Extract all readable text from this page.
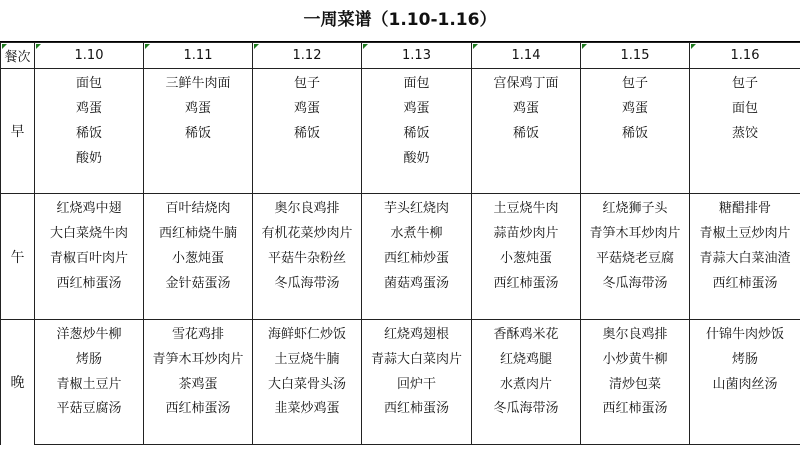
一周菜谱（1.10-1.16）
餐次	1.10	1.11	1.12	1.13	1.14	1.15	1.16
早	面包	三鲜牛肉面	包子	面包	宫保鸡丁面	包子	包子
	鸡蛋	鸡蛋	鸡蛋	鸡蛋	鸡蛋	鸡蛋	面包
	稀饭	稀饭	稀饭	稀饭	稀饭	稀饭	蒸饺
	酸奶			酸奶			

午	红烧鸡中翅	百叶结烧肉	奥尔良鸡排	芋头红烧肉	土豆烧牛肉	红烧狮子头	糖醋排骨
	大白菜烧牛肉	西红柿烧牛腩	有机花菜炒肉片	水煮牛柳	蒜苗炒肉片	青笋木耳炒肉片	青椒土豆炒肉片
	青椒百叶肉片	小葱炖蛋	平菇牛杂粉丝	西红柿炒蛋	小葱炖蛋	平菇烧老豆腐	青蒜大白菜油渣
	西红柿蛋汤	金针菇蛋汤	冬瓜海带汤	菌菇鸡蛋汤	西红柿蛋汤	冬瓜海带汤	西红柿蛋汤

晚	洋葱炒牛柳	雪花鸡排	海鲜虾仁炒饭	红烧鸡翅根	香酥鸡米花	奥尔良鸡排	什锦牛肉炒饭
	烤肠	青笋木耳炒肉片	土豆烧牛腩	青蒜大白菜肉片	红烧鸡腿	小炒黄牛柳	烤肠
	青椒土豆片	茶鸡蛋	大白菜骨头汤	回炉干	水煮肉片	清炒包菜	山菌肉丝汤
	平菇豆腐汤	西红柿蛋汤	韭菜炒鸡蛋	西红柿蛋汤	冬瓜海带汤	西红柿蛋汤	
